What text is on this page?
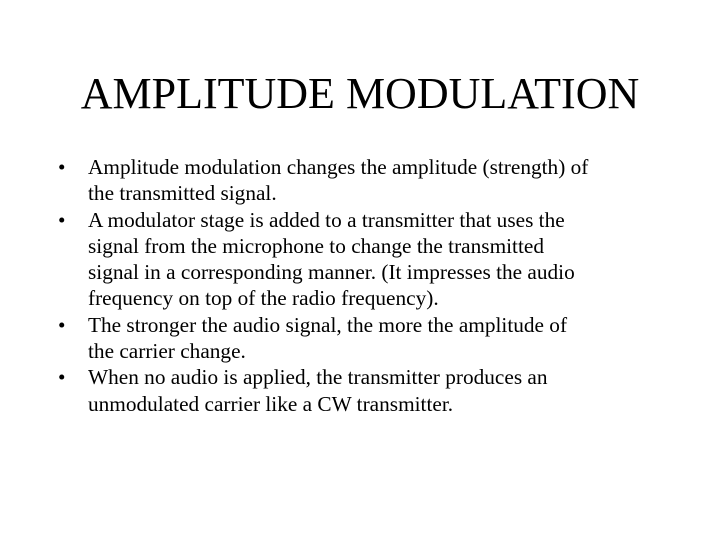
AMPLITUDE MODULATION
•	Amplitude modulation changes the amplitude (strength) of
the transmitted signal.
•	A modulator stage is added to a transmitter that uses the
signal from the microphone to change the transmitted
signal in a corresponding manner. (It impresses the audio
frequency on top of the radio frequency).
•	The stronger the audio signal, the more the amplitude of
the carrier change.
•	When no audio is applied, the transmitter produces an
unmodulated carrier like a CW transmitter.
